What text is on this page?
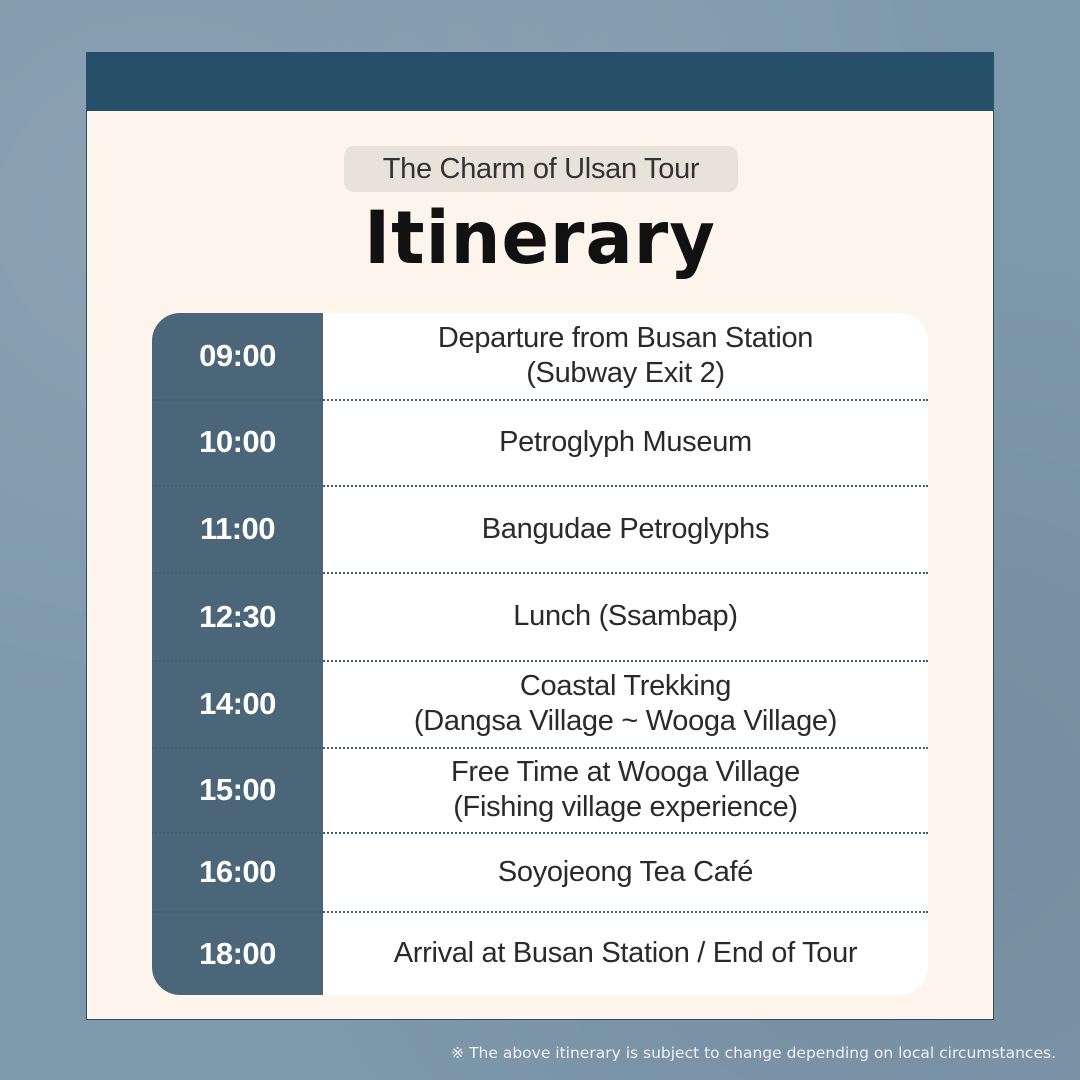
The Charm of Ulsan Tour
Itinerary
09:00	Departure from Busan Station
(Subway Exit 2)
10:00	Petroglyph Museum
11:00	Bangudae Petroglyphs
12:30	Lunch (Ssambap)
14:00	Coastal Trekking
(Dangsa Village ~ Wooga Village)
15:00	Free Time at Wooga Village
(Fishing village experience)
16:00	Soyojeong Tea Café
18:00	Arrival at Busan Station / End of Tour
※ The above itinerary is subject to change depending on local circumstances.
